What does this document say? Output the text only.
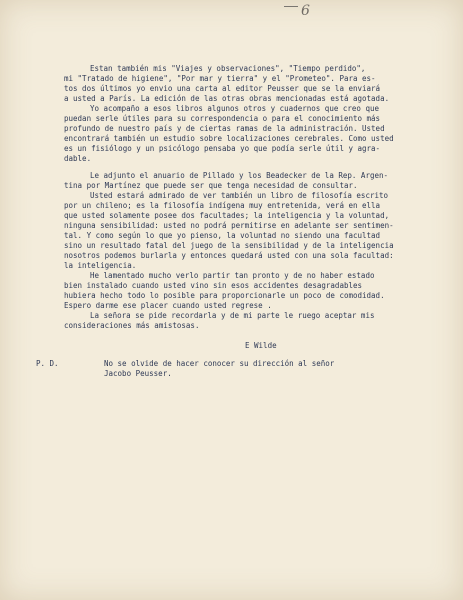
6
Estan también mis "Viajes y observaciones", "Tiempo perdido",
mi "Tratado de higiene", "Por mar y tierra" y el "Prometeo". Para es-
tos dos últimos yo envio una carta al editor Peusser que se la enviará
a usted a París. La edición de las otras obras mencionadas está agotada.
Yo acompaño a esos libros algunos otros y cuadernos que creo que
puedan serle útiles para su correspondencia o para el conocimiento más
profundo de nuestro país y de ciertas ramas de la administración. Usted
encontrará también un estudio sobre localizaciones cerebrales. Como usted
es un fisiólogo y un psicólogo pensaba yo que podía serle útil y agra-
dable.
Le adjunto el anuario de Pillado y los Beadecker de la Rep. Argen-
tina por Martínez que puede ser que tenga necesidad de consultar.
Usted estará admirado de ver también un libro de filosofía escrito
por un chileno; es la filosofía indígena muy entretenida, verá en ella
que usted solamente posee dos facultades; la inteligencia y la voluntad,
ninguna sensibilidad: usted no podrá permitirse en adelante ser sentimen-
tal. Y como según lo que yo pienso, la voluntad no siendo una facultad
sino un resultado fatal del juego de la sensibilidad y de la inteligencia
nosotros podemos burlarla y entonces quedará usted con una sola facultad:
la inteligencia.
He lamentado mucho verlo partir tan pronto y de no haber estado
bien instalado cuando usted vino sin esos accidentes desagradables
hubiera hecho todo lo posible para proporcionarle un poco de comodidad.
Espero darme ese placer cuando usted regrese .
La señora se pide recordarla y de mi parte le ruego aceptar mis
consideraciones más amistosas.
E Wilde
P. D.	No se olvide de hacer conocer su dirección al señor
Jacobo Peusser.
